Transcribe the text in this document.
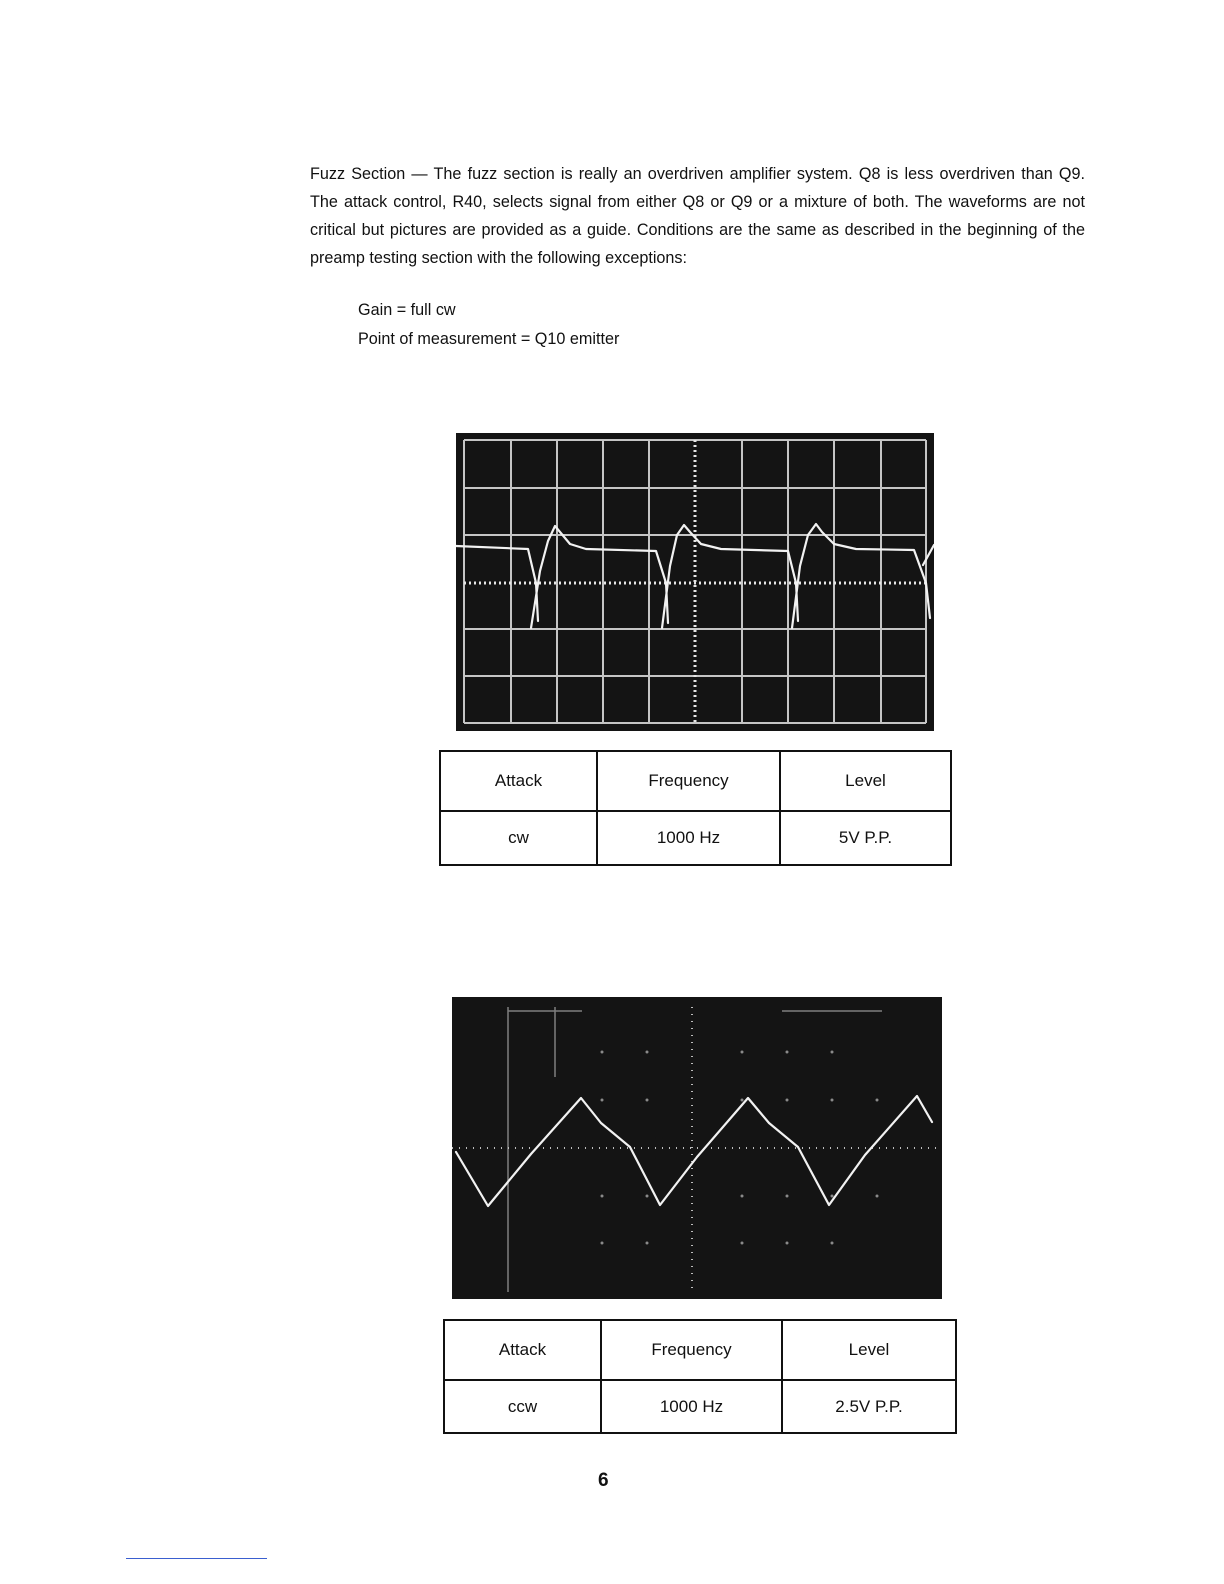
Fuzz Section — The fuzz section is really an overdriven amplifier system. Q8 is less overdriven than Q9. The attack control, R40, selects signal from either Q8 or Q9 or a mixture of both. The waveforms are not critical but pictures are provided as a guide. Conditions are the same as described in the beginning of the preamp testing section with the following exceptions:
Gain = full cw
Point of measurement = Q10 emitter
Attack	Frequency	Level
cw	1000 Hz	5V P.P.
Attack	Frequency	Level
ccw	1000 Hz	2.5V P.P.
6
